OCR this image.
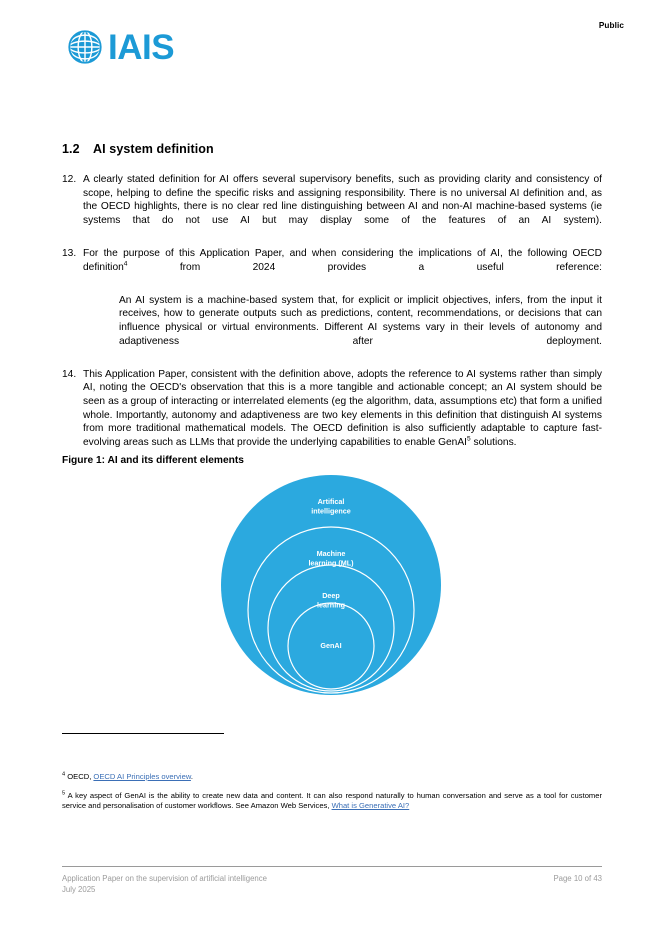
Public
IAIS
1.2 AI system definition
12. A clearly stated definition for AI offers several supervisory benefits, such as providing clarity and consistency of scope, helping to define the specific risks and assigning responsibility. There is no universal AI definition and, as the OECD highlights, there is no clear red line distinguishing between AI and non-AI machine-based systems (ie systems that do not use AI but may display some of the features of an AI system).
13. For the purpose of this Application Paper, and when considering the implications of AI, the following OECD definition$^4$ from 2024 provides a useful reference:
An AI system is a machine-based system that, for explicit or implicit objectives, infers, from the input it receives, how to generate outputs such as predictions, content, recommendations, or decisions that can influence physical or virtual environments. Different AI systems vary in their levels of autonomy and adaptiveness after deployment.
14. This Application Paper, consistent with the definition above, adopts the reference to AI systems rather than simply AI, noting the OECD's observation that this is a more tangible and actionable concept; an AI system should be seen as a group of interacting or interrelated elements (eg the algorithm, data, assumptions etc) that form a unified whole. Importantly, autonomy and adaptiveness are two key elements in this definition that distinguish AI systems from more traditional mathematical models. The OECD definition is also sufficiently adaptable to capture fast-evolving areas such as LLMs that provide the underlying capabilities to enable GenAI$^5$ solutions.
Figure 1: AI and its different elements
Artifical
intelligence
Machine
learning (ML)
Deep
learning
GenAI
$^4$ OECD, OECD AI Principles overview.
$^5$ A key aspect of GenAI is the ability to create new data and content. It can also respond naturally to human conversation and serve as a tool for customer service and personalisation of customer workflows. See Amazon Web Services, What is Generative AI?
Application Paper on the supervision of artificial intelligence
July 2025
Page 10 of 43
